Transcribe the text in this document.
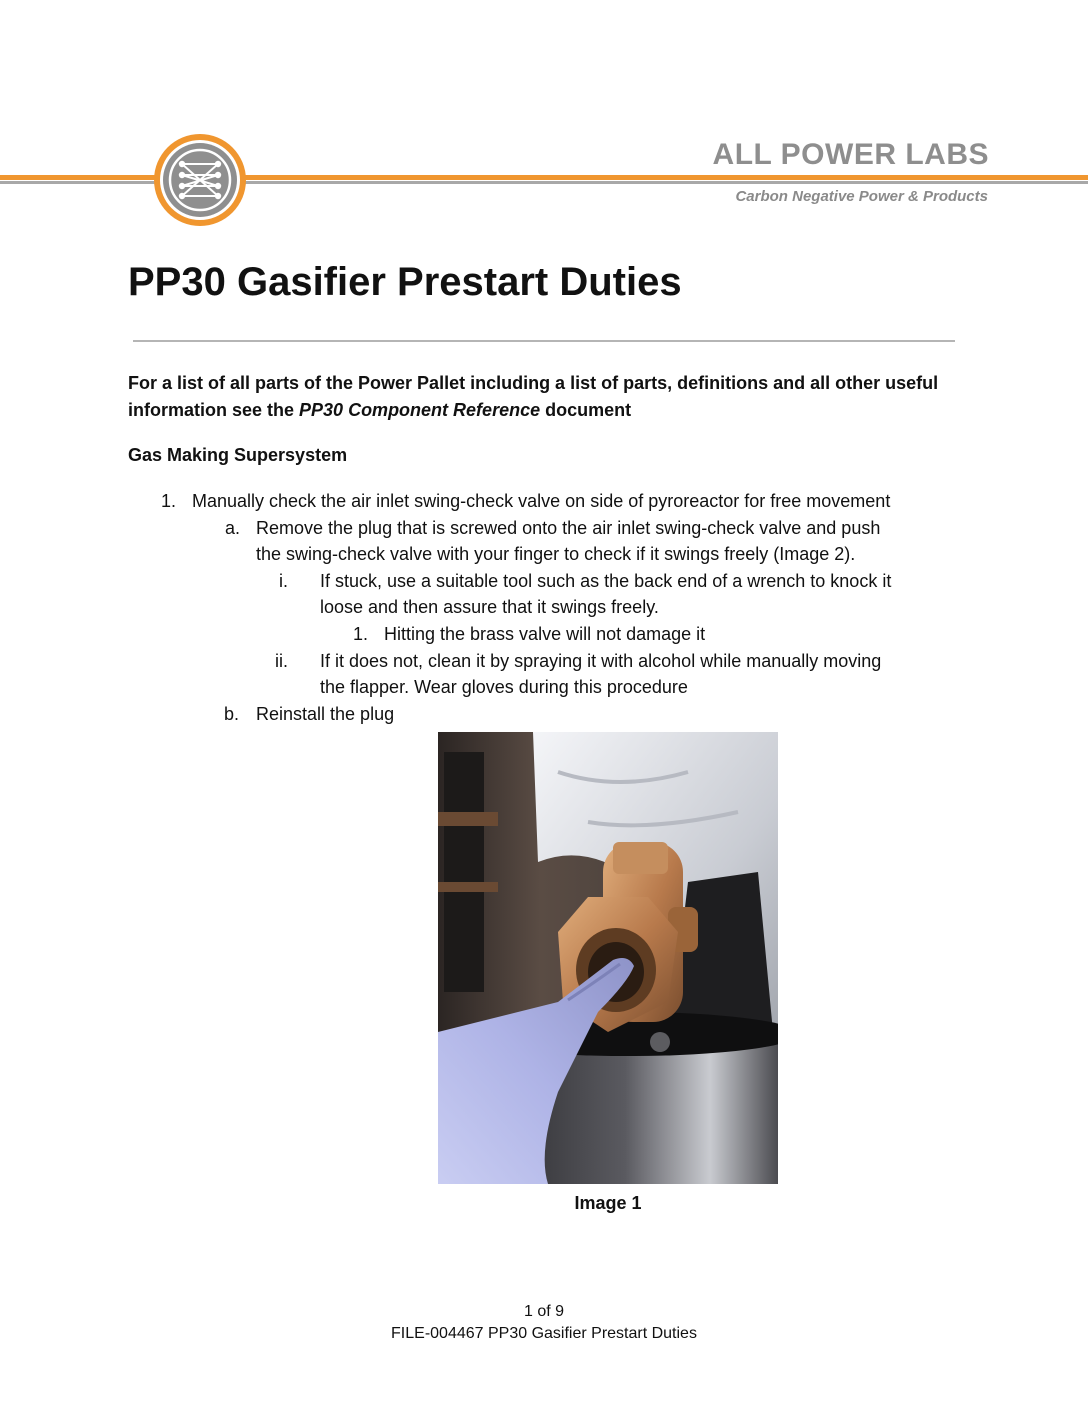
ALL POWER LABS
Carbon Negative Power & Products
PP30 Gasifier Prestart Duties
For a list of all parts of the Power Pallet including a list of parts, definitions and all other useful information see the PP30 Component Reference document
Gas Making Supersystem
1. Manually check the air inlet swing-check valve on side of pyroreactor for free movement
a. Remove the plug that is screwed onto the air inlet swing-check valve and push
the swing-check valve with your finger to check if it swings freely (Image 2).
i. If stuck, use a suitable tool such as the back end of a wrench to knock it
loose and then assure that it swings freely.
1. Hitting the brass valve will not damage it
ii. If it does not, clean it by spraying it with alcohol while manually moving
the flapper. Wear gloves during this procedure
b. Reinstall the plug
Image 1
1 of 9
FILE-004467 PP30 Gasifier Prestart Duties
